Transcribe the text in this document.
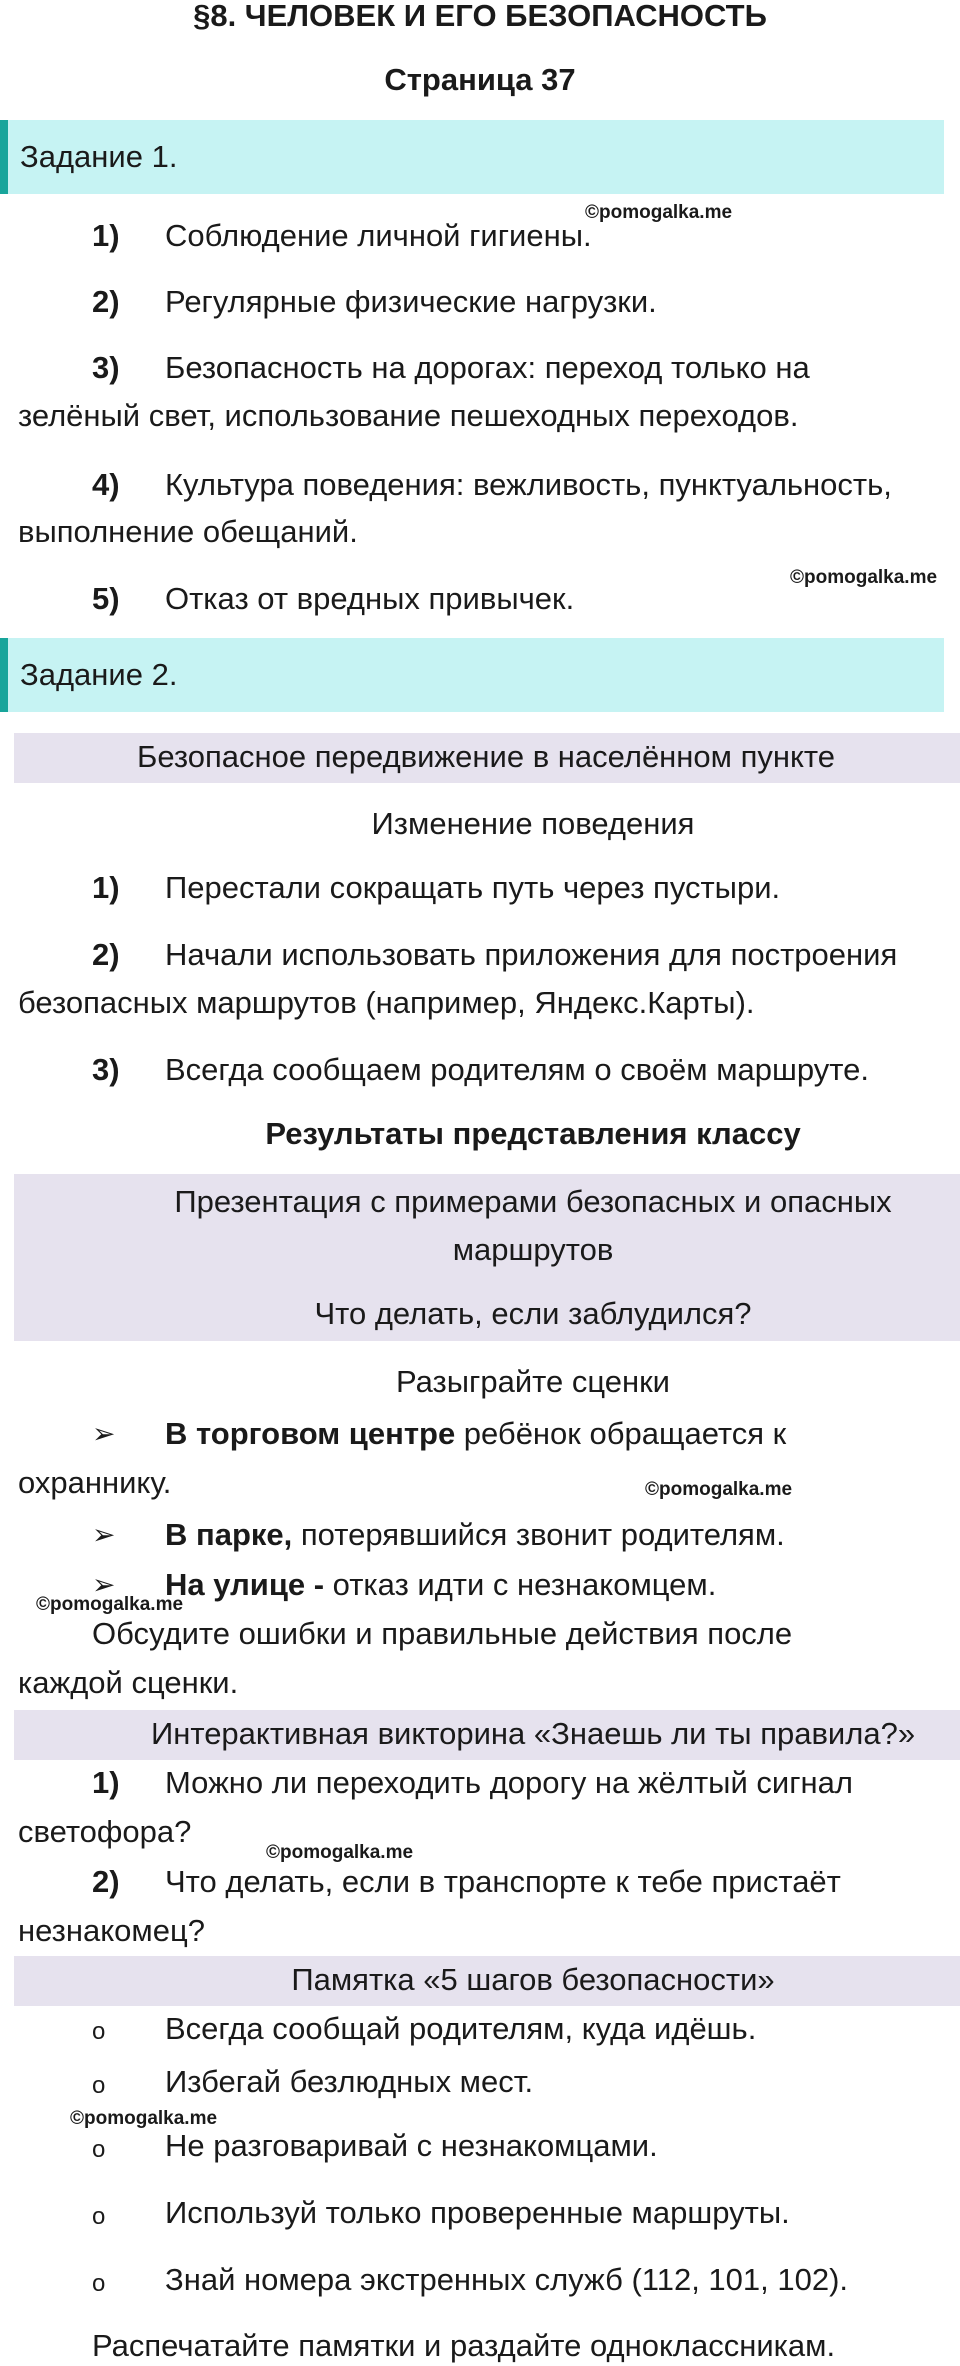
§8. ЧЕЛОВЕК И ЕГО БЕЗОПАСНОСТЬ
Страница 37
Задание 1.
©pomogalka.me
1) Соблюдение личной гигиены.
2) Регулярные физические нагрузки.
3) Безопасность на дорогах: переход только на
зелёный свет, использование пешеходных переходов.
4) Культура поведения: вежливость, пунктуальность,
выполнение обещаний.
©pomogalka.me
5) Отказ от вредных привычек.
Задание 2.
Безопасное передвижение в населённом пункте
Изменение поведения
1) Перестали сокращать путь через пустыри.
2) Начали использовать приложения для построения
безопасных маршрутов (например, Яндекс.Карты).
3) Всегда сообщаем родителям о своём маршруте.
Результаты представления классу
Презентация с примерами безопасных и опасных
маршрутов
Что делать, если заблудился?
Разыграйте сценки
➢ В торговом центре ребёнок обращается к
охраннику.	©pomogalka.me
➢ В парке, потерявшийся звонит родителям.
➢ На улице - отказ идти с незнакомцем.
©pomogalka.me
Обсудите ошибки и правильные действия после
каждой сценки.
Интерактивная викторина «Знаешь ли ты правила?»
1) Можно ли переходить дорогу на жёлтый сигнал
светофора?
©pomogalka.me
2) Что делать, если в транспорте к тебе пристаёт
незнакомец?
Памятка «5 шагов безопасности»
o Всегда сообщай родителям, куда идёшь.
o Избегай безлюдных мест.
©pomogalka.me
o Не разговаривай с незнакомцами.
o Используй только проверенные маршруты.
o Знай номера экстренных служб (112, 101, 102).
Распечатайте памятки и раздайте одноклассникам.
